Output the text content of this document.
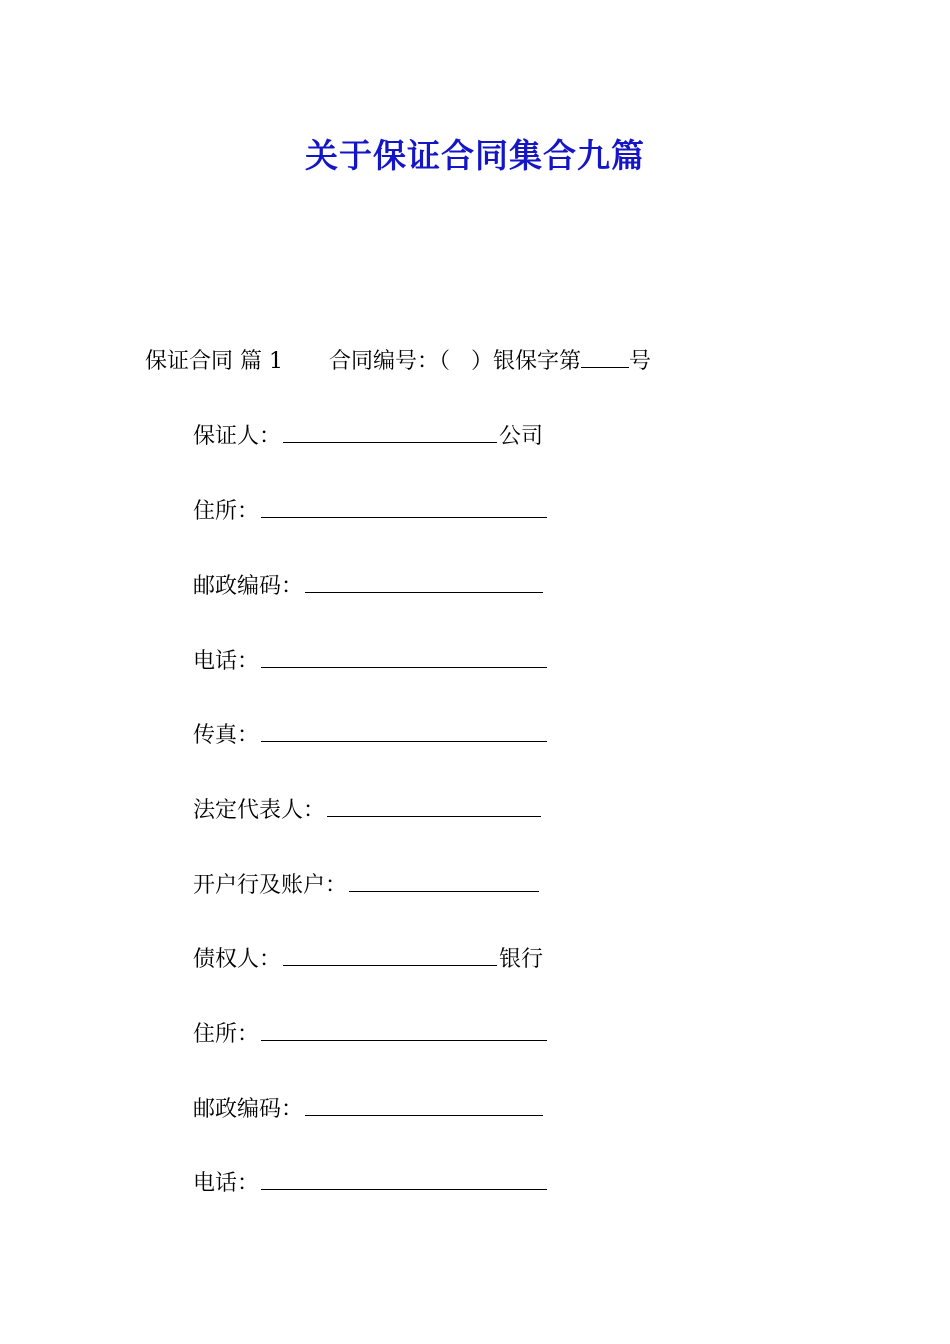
关于保证合同集合九篇
保证合同 篇 1 合同编号：（   ）银保字第 号
保证人：	公司
住所：
邮政编码：
电话：
传真：
法定代表人：
开户行及账户：
债权人：	银行
住所：
邮政编码：
电话：
